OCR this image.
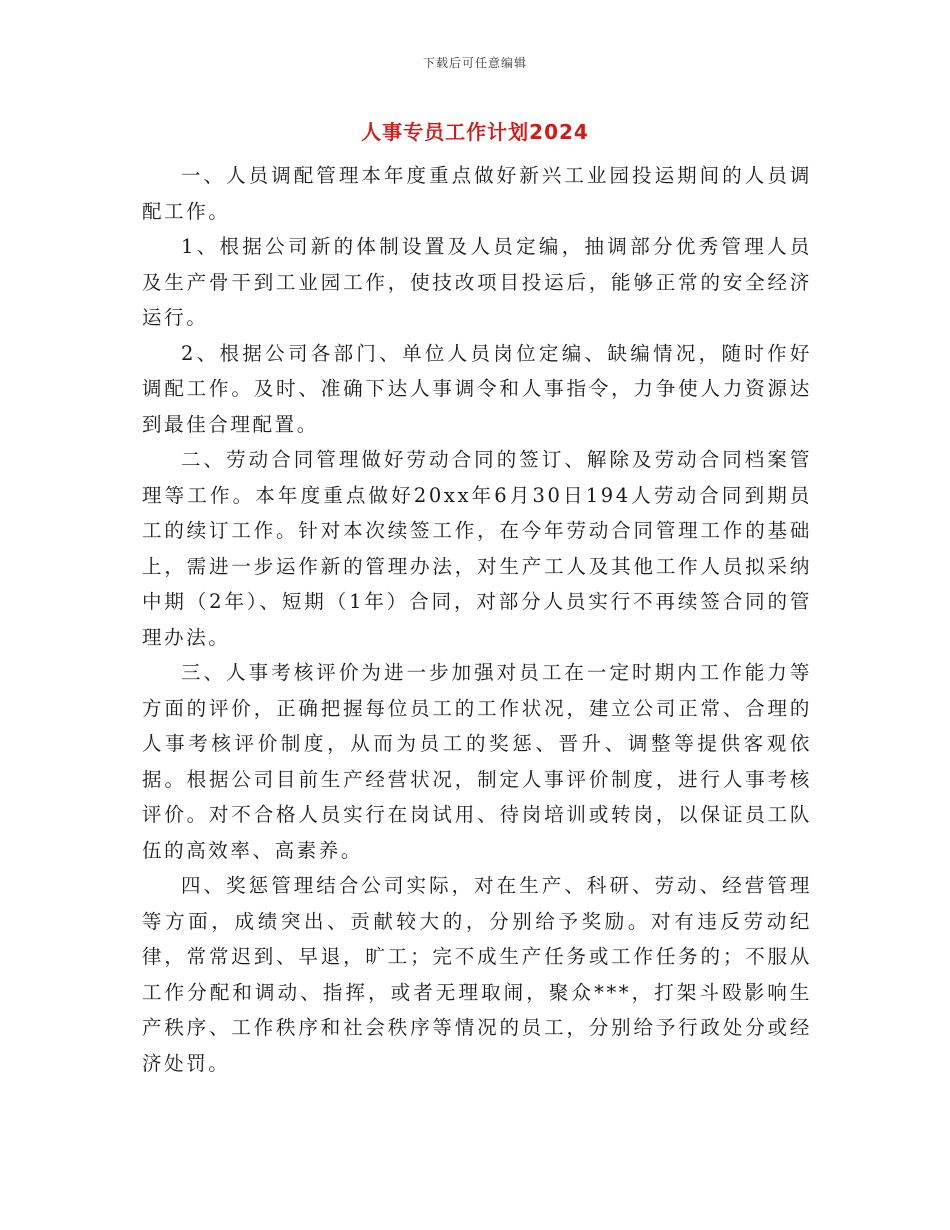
下载后可任意编辑
人事专员工作计划2024

一、人员调配管理本年度重点做好新兴工业园投运期间的人员调配工作。

1、根据公司新的体制设置及人员定编，抽调部分优秀管理人员及生产骨干到工业园工作，使技改项目投运后，能够正常的安全经济运行。

2、根据公司各部门、单位人员岗位定编、缺编情况，随时作好调配工作。及时、准确下达人事调令和人事指令，力争使人力资源达到最佳合理配置。

二、劳动合同管理做好劳动合同的签订、解除及劳动合同档案管理等工作。本年度重点做好20xx年6月30日194人劳动合同到期员工的续订工作。针对本次续签工作，在今年劳动合同管理工作的基础上，需进一步运作新的管理办法，对生产工人及其他工作人员拟采纳中期（2年）、短期（1年）合同，对部分人员实行不再续签合同的管理办法。

三、人事考核评价为进一步加强对员工在一定时期内工作能力等方面的评价，正确把握每位员工的工作状况，建立公司正常、合理的人事考核评价制度，从而为员工的奖惩、晋升、调整等提供客观依据。根据公司目前生产经营状况，制定人事评价制度，进行人事考核评价。对不合格人员实行在岗试用、待岗培训或转岗，以保证员工队伍的高效率、高素养。

四、奖惩管理结合公司实际，对在生产、科研、劳动、经营管理等方面，成绩突出、贡献较大的，分别给予奖励。对有违反劳动纪律，常常迟到、早退，旷工；完不成生产任务或工作任务的；不服从工作分配和调动、指挥，或者无理取闹，聚众***，打架斗殴影响生产秩序、工作秩序和社会秩序等情况的员工，分别给予行政处分或经济处罚。
